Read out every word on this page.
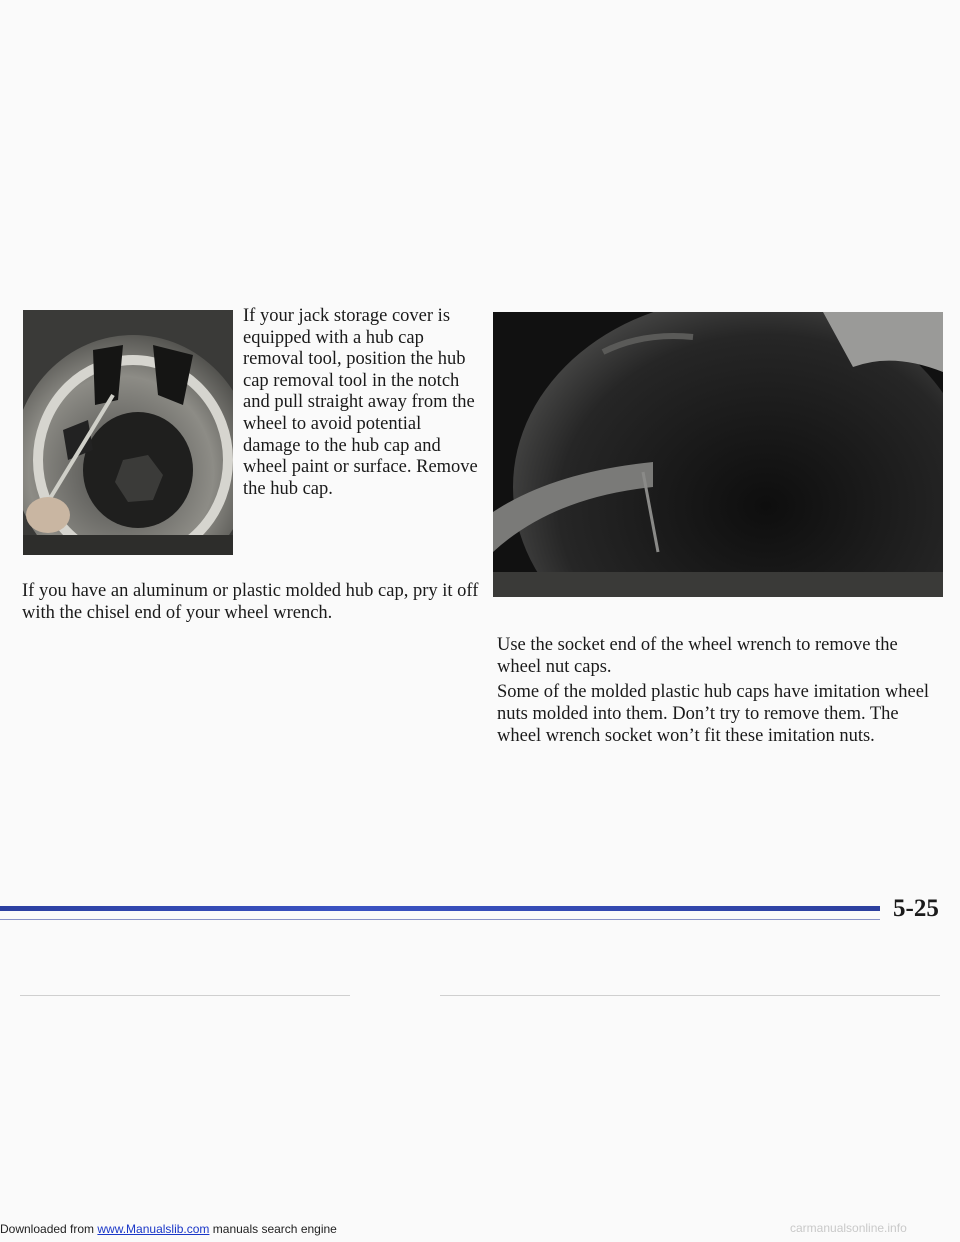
If your jack storage cover is equipped with a hub cap removal tool, position the hub cap removal tool in the notch and pull straight away from the wheel to avoid potential damage to the hub cap and wheel paint or surface. Remove the hub cap.

If you have an aluminum or plastic molded hub cap, pry it off with the chisel end of your wheel wrench.

Use the socket end of the wheel wrench to remove the wheel nut caps.

Some of the molded plastic hub caps have imitation wheel nuts molded into them. Don’t try to remove them. The wheel wrench socket won’t fit these imitation nuts.

5-25
Downloaded from www.Manualslib.com manuals search engine	carmanualsonline.info
